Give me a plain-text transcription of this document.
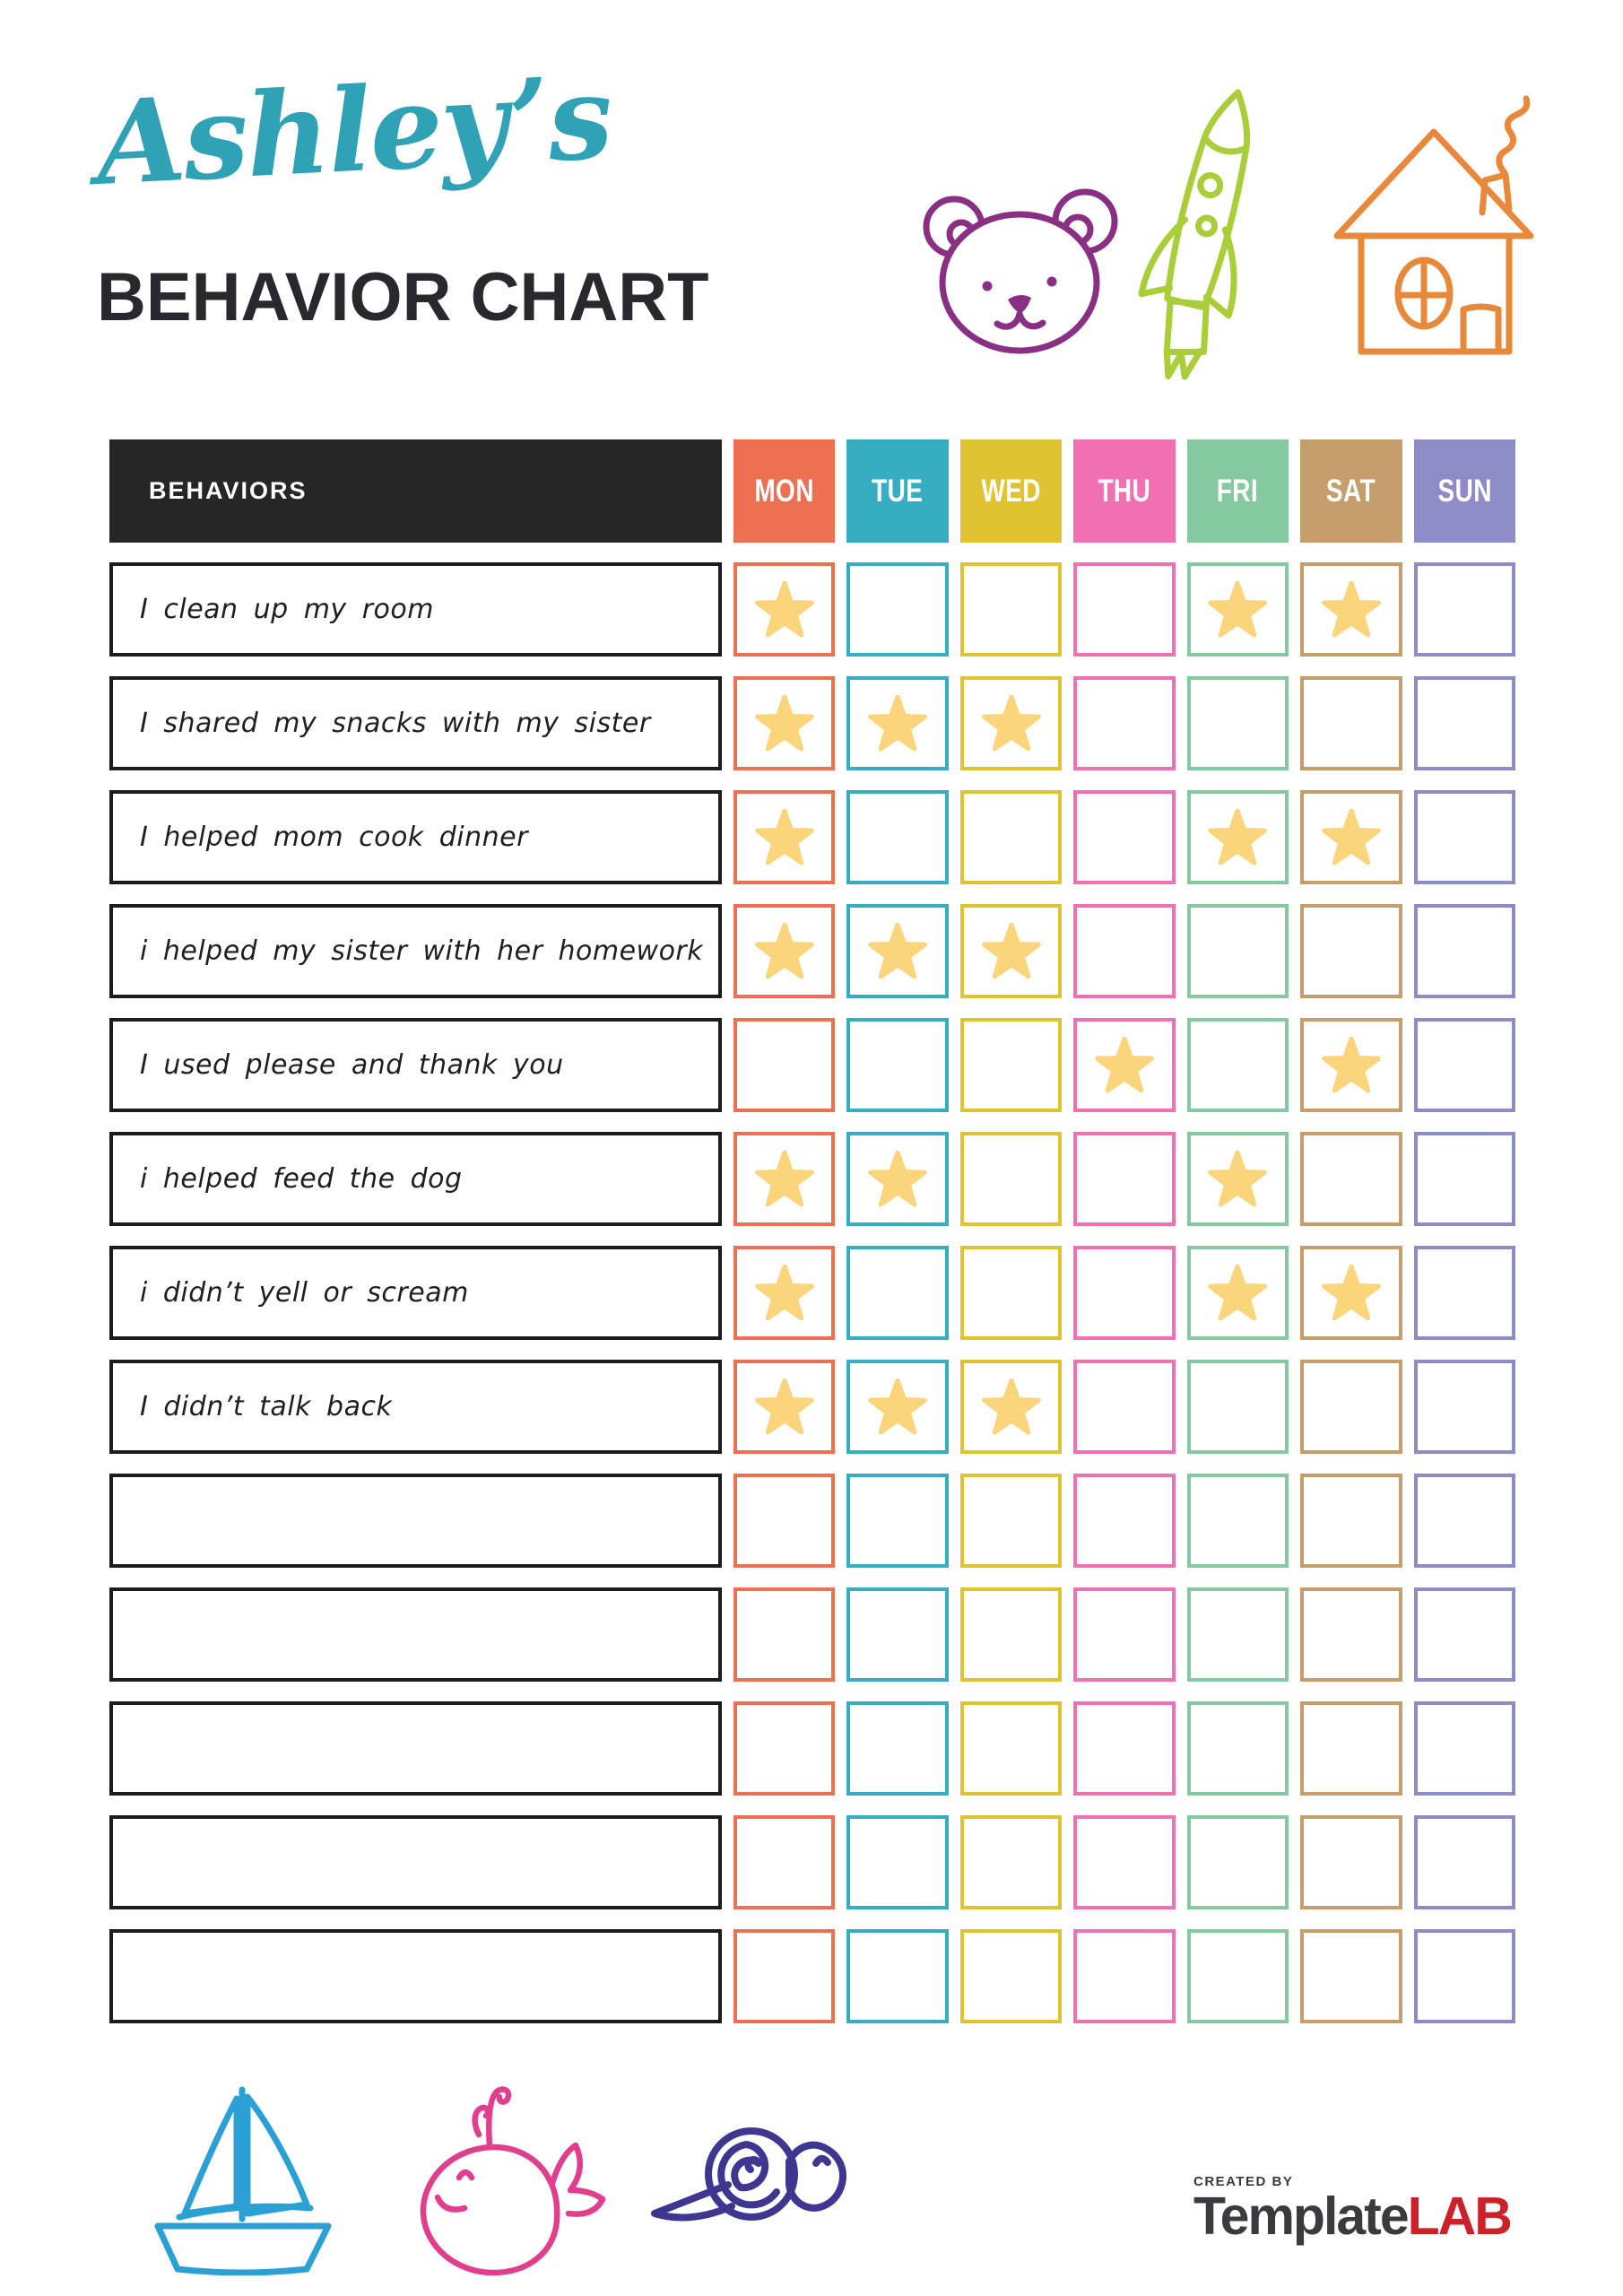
Ashley’s
BEHAVIOR CHART
BEHAVIORS	MON TUE WED THU FRI SAT SUN
I clean up my room
I shared my snacks with my sister
I helped mom cook dinner
i helped my sister with her homework
I used please and thank you
i helped feed the dog
i didn’t yell or scream
I didn’t talk back
CREATED BY
TemplateLAB
